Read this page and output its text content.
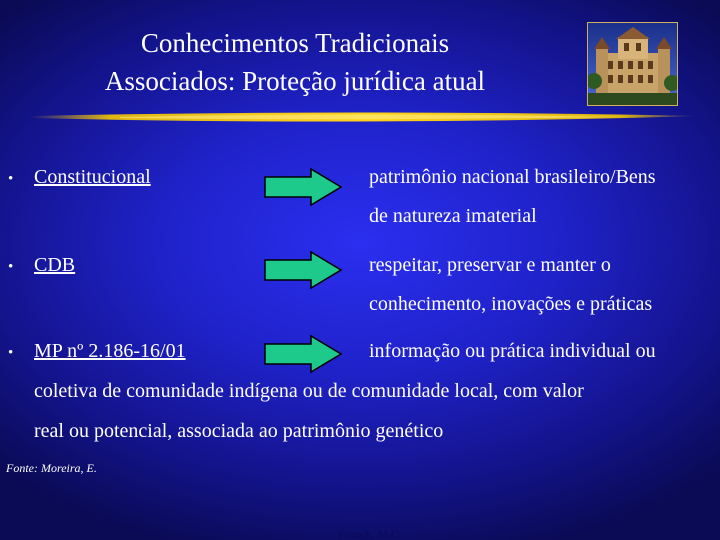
Conhecimentos Tradicionais
Associados: Proteção jurídica atual
• Constitucional	patrimônio nacional brasileiro/Bens
de natureza imaterial
• CDB	respeitar, preservar e manter o
conhecimento, inovações e práticas
• MP nº 2.186-16/01	informação ou prática individual ou
coletiva de comunidade indígena ou de comunidade local, com valor
real ou potencial, associada ao patrimônio genético
Fonte: Moreira, E.
63
Franck, M.C.
